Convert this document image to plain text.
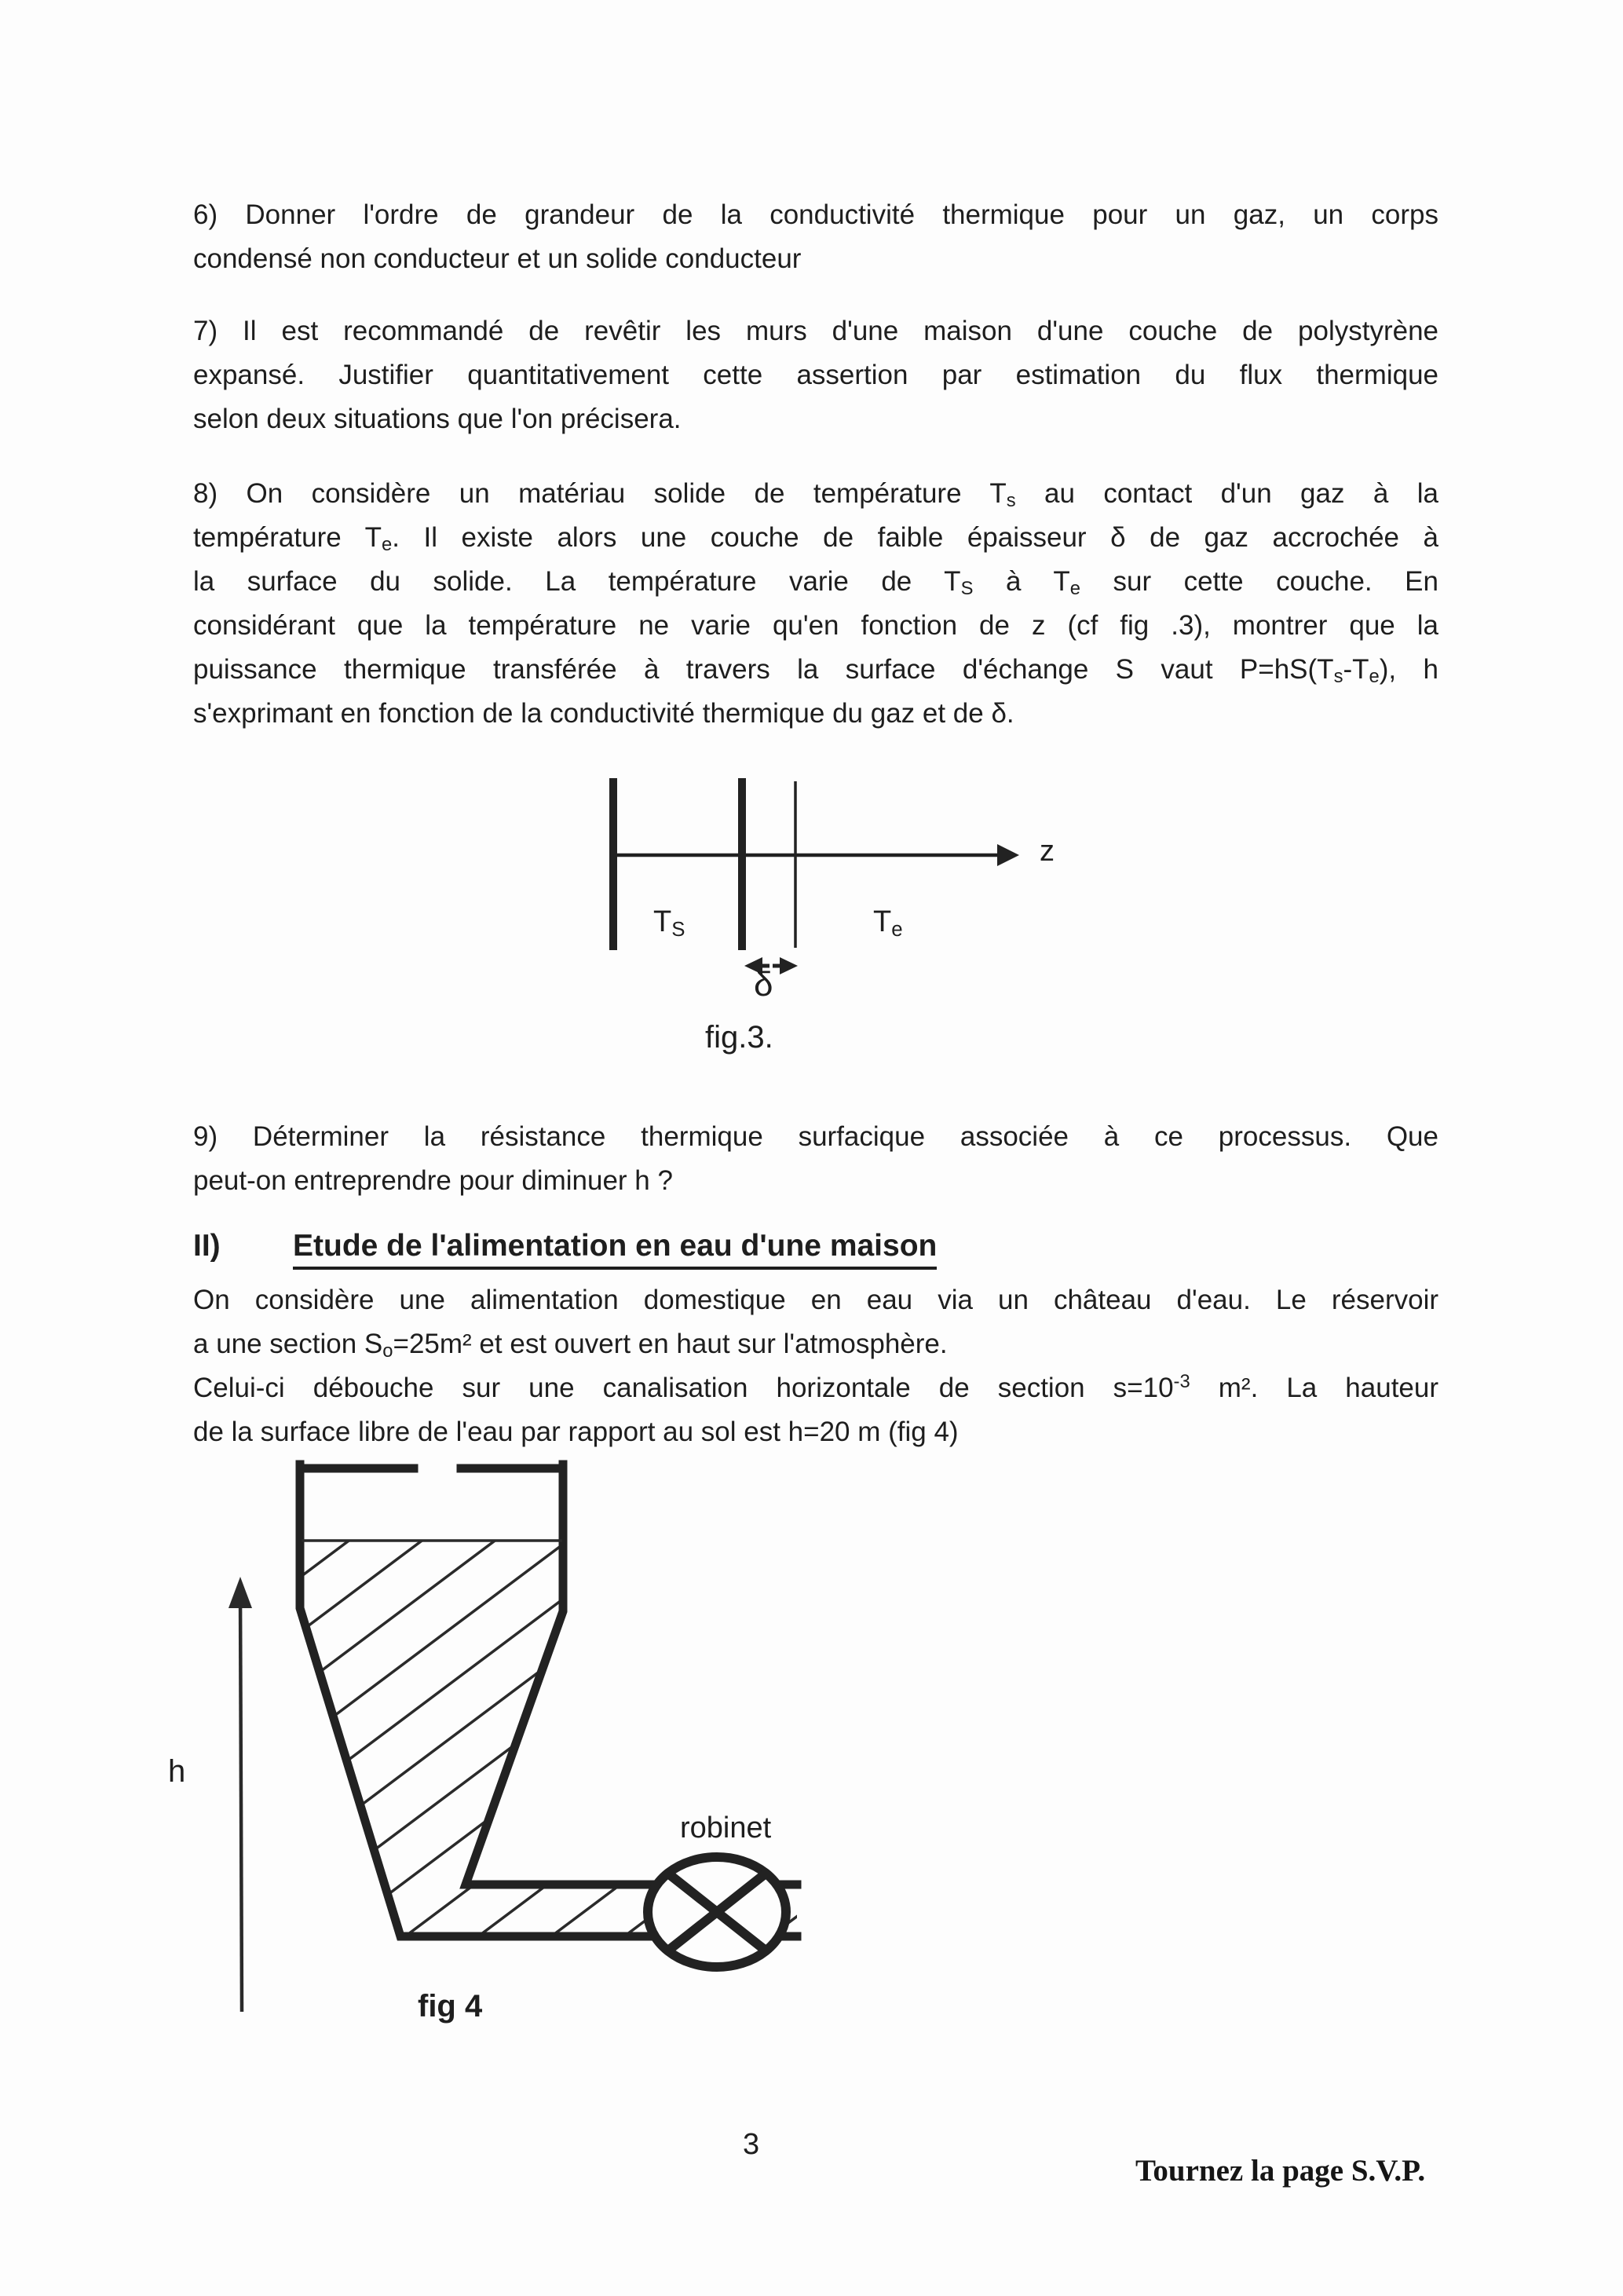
6) Donner l'ordre de grandeur de la conductivité thermique pour un gaz, un corps
condensé non conducteur et un solide conducteur
7) Il est recommandé de revêtir les murs d'une maison d'une couche de polystyrène
expansé. Justifier quantitativement cette assertion par estimation du flux thermique
selon deux situations que l'on précisera.
8) On considère un matériau solide de température $T_s$ au contact d'un gaz à la
température $T_e$. Il existe alors une couche de faible épaisseur δ de gaz accrochée à
la surface du solide. La température varie de $T_S$ à $T_e$ sur cette couche. En
considérant que la température ne varie qu'en fonction de z (cf fig .3), montrer que la
puissance thermique transférée à travers la surface d'échange S vaut $P=hS(T_s-T_e)$, h
s'exprimant en fonction de la conductivité thermique du gaz et de δ.
$T_S$	$T_e$
z
δ
fig.3.
9) Déterminer la résistance thermique surfacique associée à ce processus. Que
peut-on entreprendre pour diminuer h ?
II)	Etude de l'alimentation en eau d'une maison
On considère une alimentation domestique en eau via un château d'eau. Le réservoir
a une section $S_o=25m^2$ et est ouvert en haut sur l'atmosphère.
Celui-ci débouche sur une canalisation horizontale de section $s=10^{-3}$ m². La hauteur
de la surface libre de l'eau par rapport au sol est h=20 m (fig 4)
h
robinet
fig 4
3
Tournez la page S.V.P.
